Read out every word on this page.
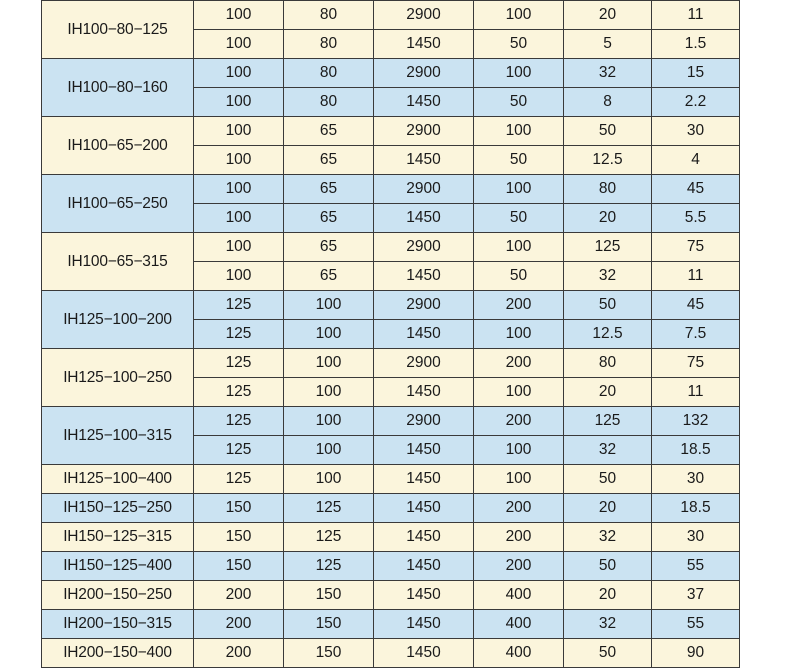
IH100−80−125	100	80	2900	100	20	11
	100	80	1450	50	5	1.5
IH100−80−160	100	80	2900	100	32	15
	100	80	1450	50	8	2.2
IH100−65−200	100	65	2900	100	50	30
	100	65	1450	50	12.5	4
IH100−65−250	100	65	2900	100	80	45
	100	65	1450	50	20	5.5
IH100−65−315	100	65	2900	100	125	75
	100	65	1450	50	32	11
IH125−100−200	125	100	2900	200	50	45
	125	100	1450	100	12.5	7.5
IH125−100−250	125	100	2900	200	80	75
	125	100	1450	100	20	11
IH125−100−315	125	100	2900	200	125	132
	125	100	1450	100	32	18.5
IH125−100−400	125	100	1450	100	50	30
IH150−125−250	150	125	1450	200	20	18.5
IH150−125−315	150	125	1450	200	32	30
IH150−125−400	150	125	1450	200	50	55
IH200−150−250	200	150	1450	400	20	37
IH200−150−315	200	150	1450	400	32	55
IH200−150−400	200	150	1450	400	50	90
